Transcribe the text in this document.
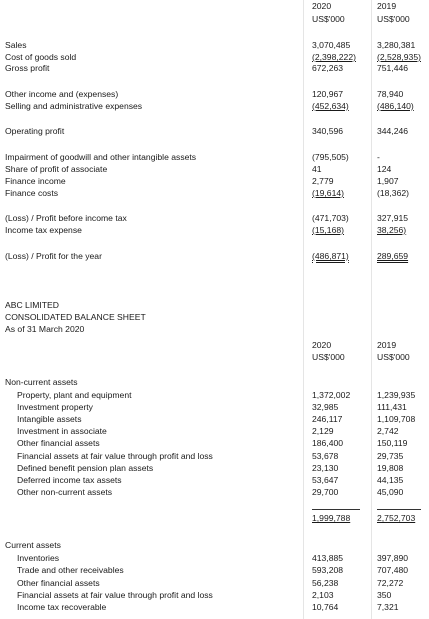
2020	2019
US$'000	US$'000
Sales	3,070,485	3,280,381
Cost of goods sold	(2,398,222) (2,528,935)
Gross profit	672,263	751,446
Other income and (expenses)	120,967	78,940
Selling and administrative expenses	(452,634)	(486,140)
Operating profit	340,596	344,246
Impairment of goodwill and other intangible assets	(795,505)	-
Share of profit of associate	41	124
Finance income	2,779	1,907
Finance costs	(19,614)	(18,362)
(Loss) / Profit before income tax	(471,703)	327,915
Income tax expense	(15,168)	38,256)
(Loss) / Profit for the year	(486,871)	289,659
ABC LIMITED
CONSOLIDATED BALANCE SHEET
As of 31 March 2020
2020	2019
US$'000	US$'000
Non-current assets
Property, plant and equipment	1,372,002	1,239,935
Investment property	32,985	111,431
Intangible assets	246,117	1,109,708
Investment in associate	2,129	2,742
Other financial assets	186,400	150,119
Financial assets at fair value through profit and loss	53,678	29,735
Defined benefit pension plan assets	23,130	19,808
Deferred income tax assets	53,647	44,135
Other non-current assets	29,700	45,090
1,999,788	2,752,703
Current assets
Inventories	413,885	397,890
Trade and other receivables	593,208	707,480
Other financial assets	56,238	72,272
Financial assets at fair value through profit and loss	2,103	350
Income tax recoverable	10,764	7,321
